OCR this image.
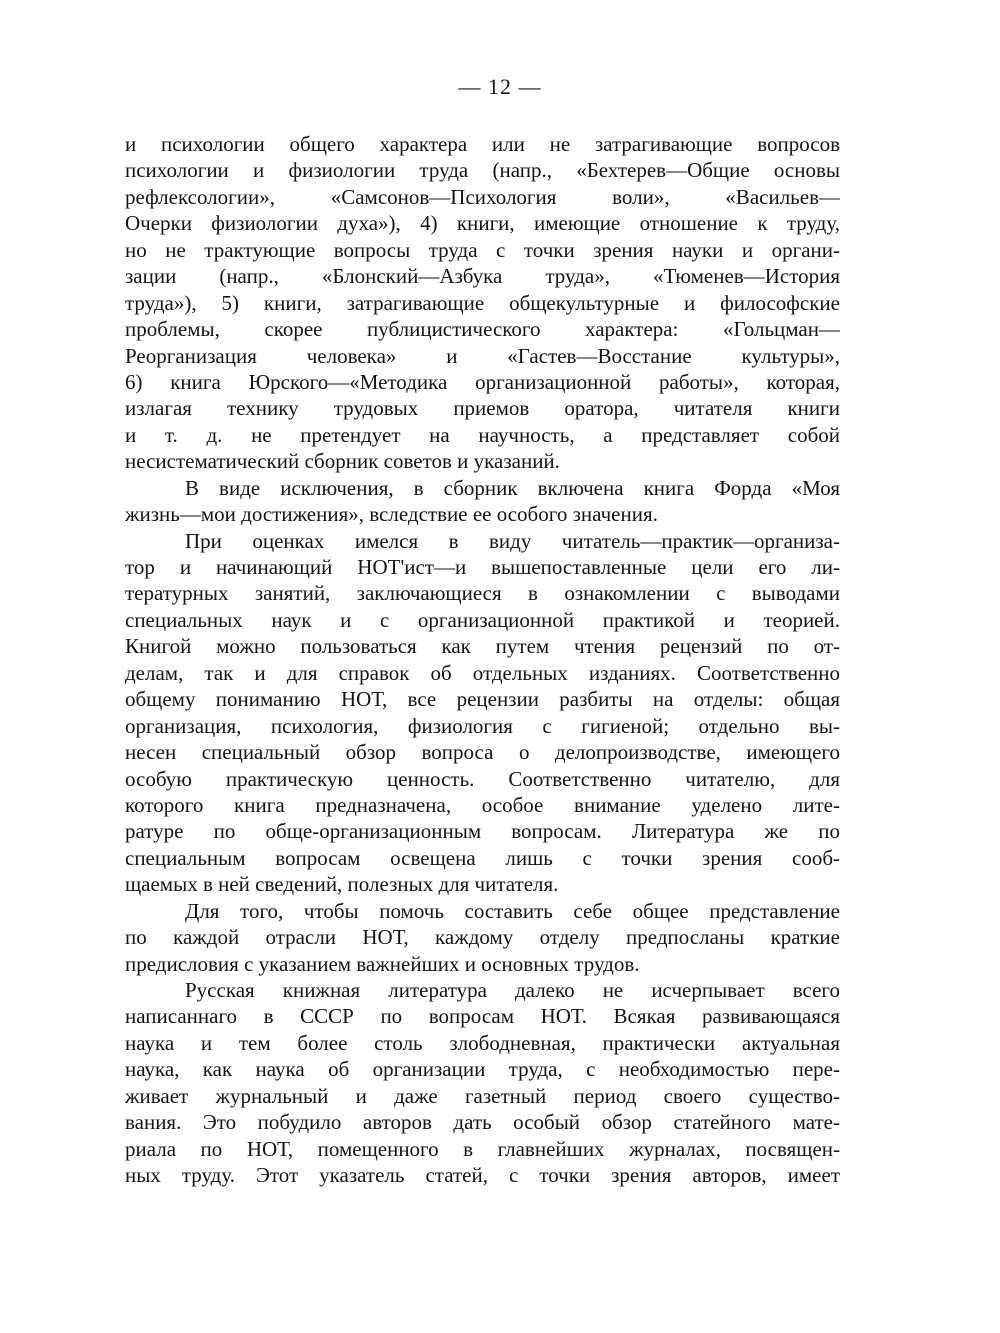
— 12 —
и психологии общего характера или не затрагивающие вопросов
психологии и физиологии труда (напр., «Бехтерев—Общие основы
рефлексологии», «Самсонов—Психология воли», «Васильев—
Очерки физиологии духа»), 4) книги, имеющие отношение к труду,
но не трактующие вопросы труда с точки зрения науки и органи-
зации (напр., «Блонский—Азбука труда», «Тюменев—История
труда»), 5) книги, затрагивающие общекультурные и философские
проблемы, скорее публицистического характера: «Гольцман—
Реорганизация человека» и «Гастев—Восстание культуры»,
6) книга Юрского—«Методика организационной работы», которая,
излагая технику трудовых приемов оратора, читателя книги
и т. д. не претендует на научность, а представляет собой
несистематический сборник советов и указаний.
В виде исключения, в сборник включена книга Форда «Моя
жизнь—мои достижения», вследствие ее особого значения.
При оценках имелся в виду читатель—практик—организа-
тор и начинающий НОТ'ист—и вышепоставленные цели его ли-
тературных занятий, заключающиеся в ознакомлении с выводами
специальных наук и с организационной практикой и теорией.
Книгой можно пользоваться как путем чтения рецензий по от-
делам, так и для справок об отдельных изданиях. Соответственно
общему пониманию НОТ, все рецензии разбиты на отделы: общая
организация, психология, физиология с гигиеной; отдельно вы-
несен специальный обзор вопроса о делопроизводстве, имеющего
особую практическую ценность. Соответственно читателю, для
которого книга предназначена, особое внимание уделено лите-
ратуре по обще-организационным вопросам. Литература же по
специальным вопросам освещена лишь с точки зрения сооб-
щаемых в ней сведений, полезных для читателя.
Для того, чтобы помочь составить себе общее представление
по каждой отрасли НОТ, каждому отделу предпосланы краткие
предисловия с указанием важнейших и основных трудов.
Русская книжная литература далеко не исчерпывает всего
написаннаго в СССР по вопросам НОТ. Всякая развивающаяся
наука и тем более столь злободневная, практически актуальная
наука, как наука об организации труда, с необходимостью пере-
живает журнальный и даже газетный период своего существо-
вания. Это побудило авторов дать особый обзор статейного мате-
риала по НОТ, помещенного в главнейших журналах, посвящен-
ных труду. Этот указатель статей, с точки зрения авторов, имеет
